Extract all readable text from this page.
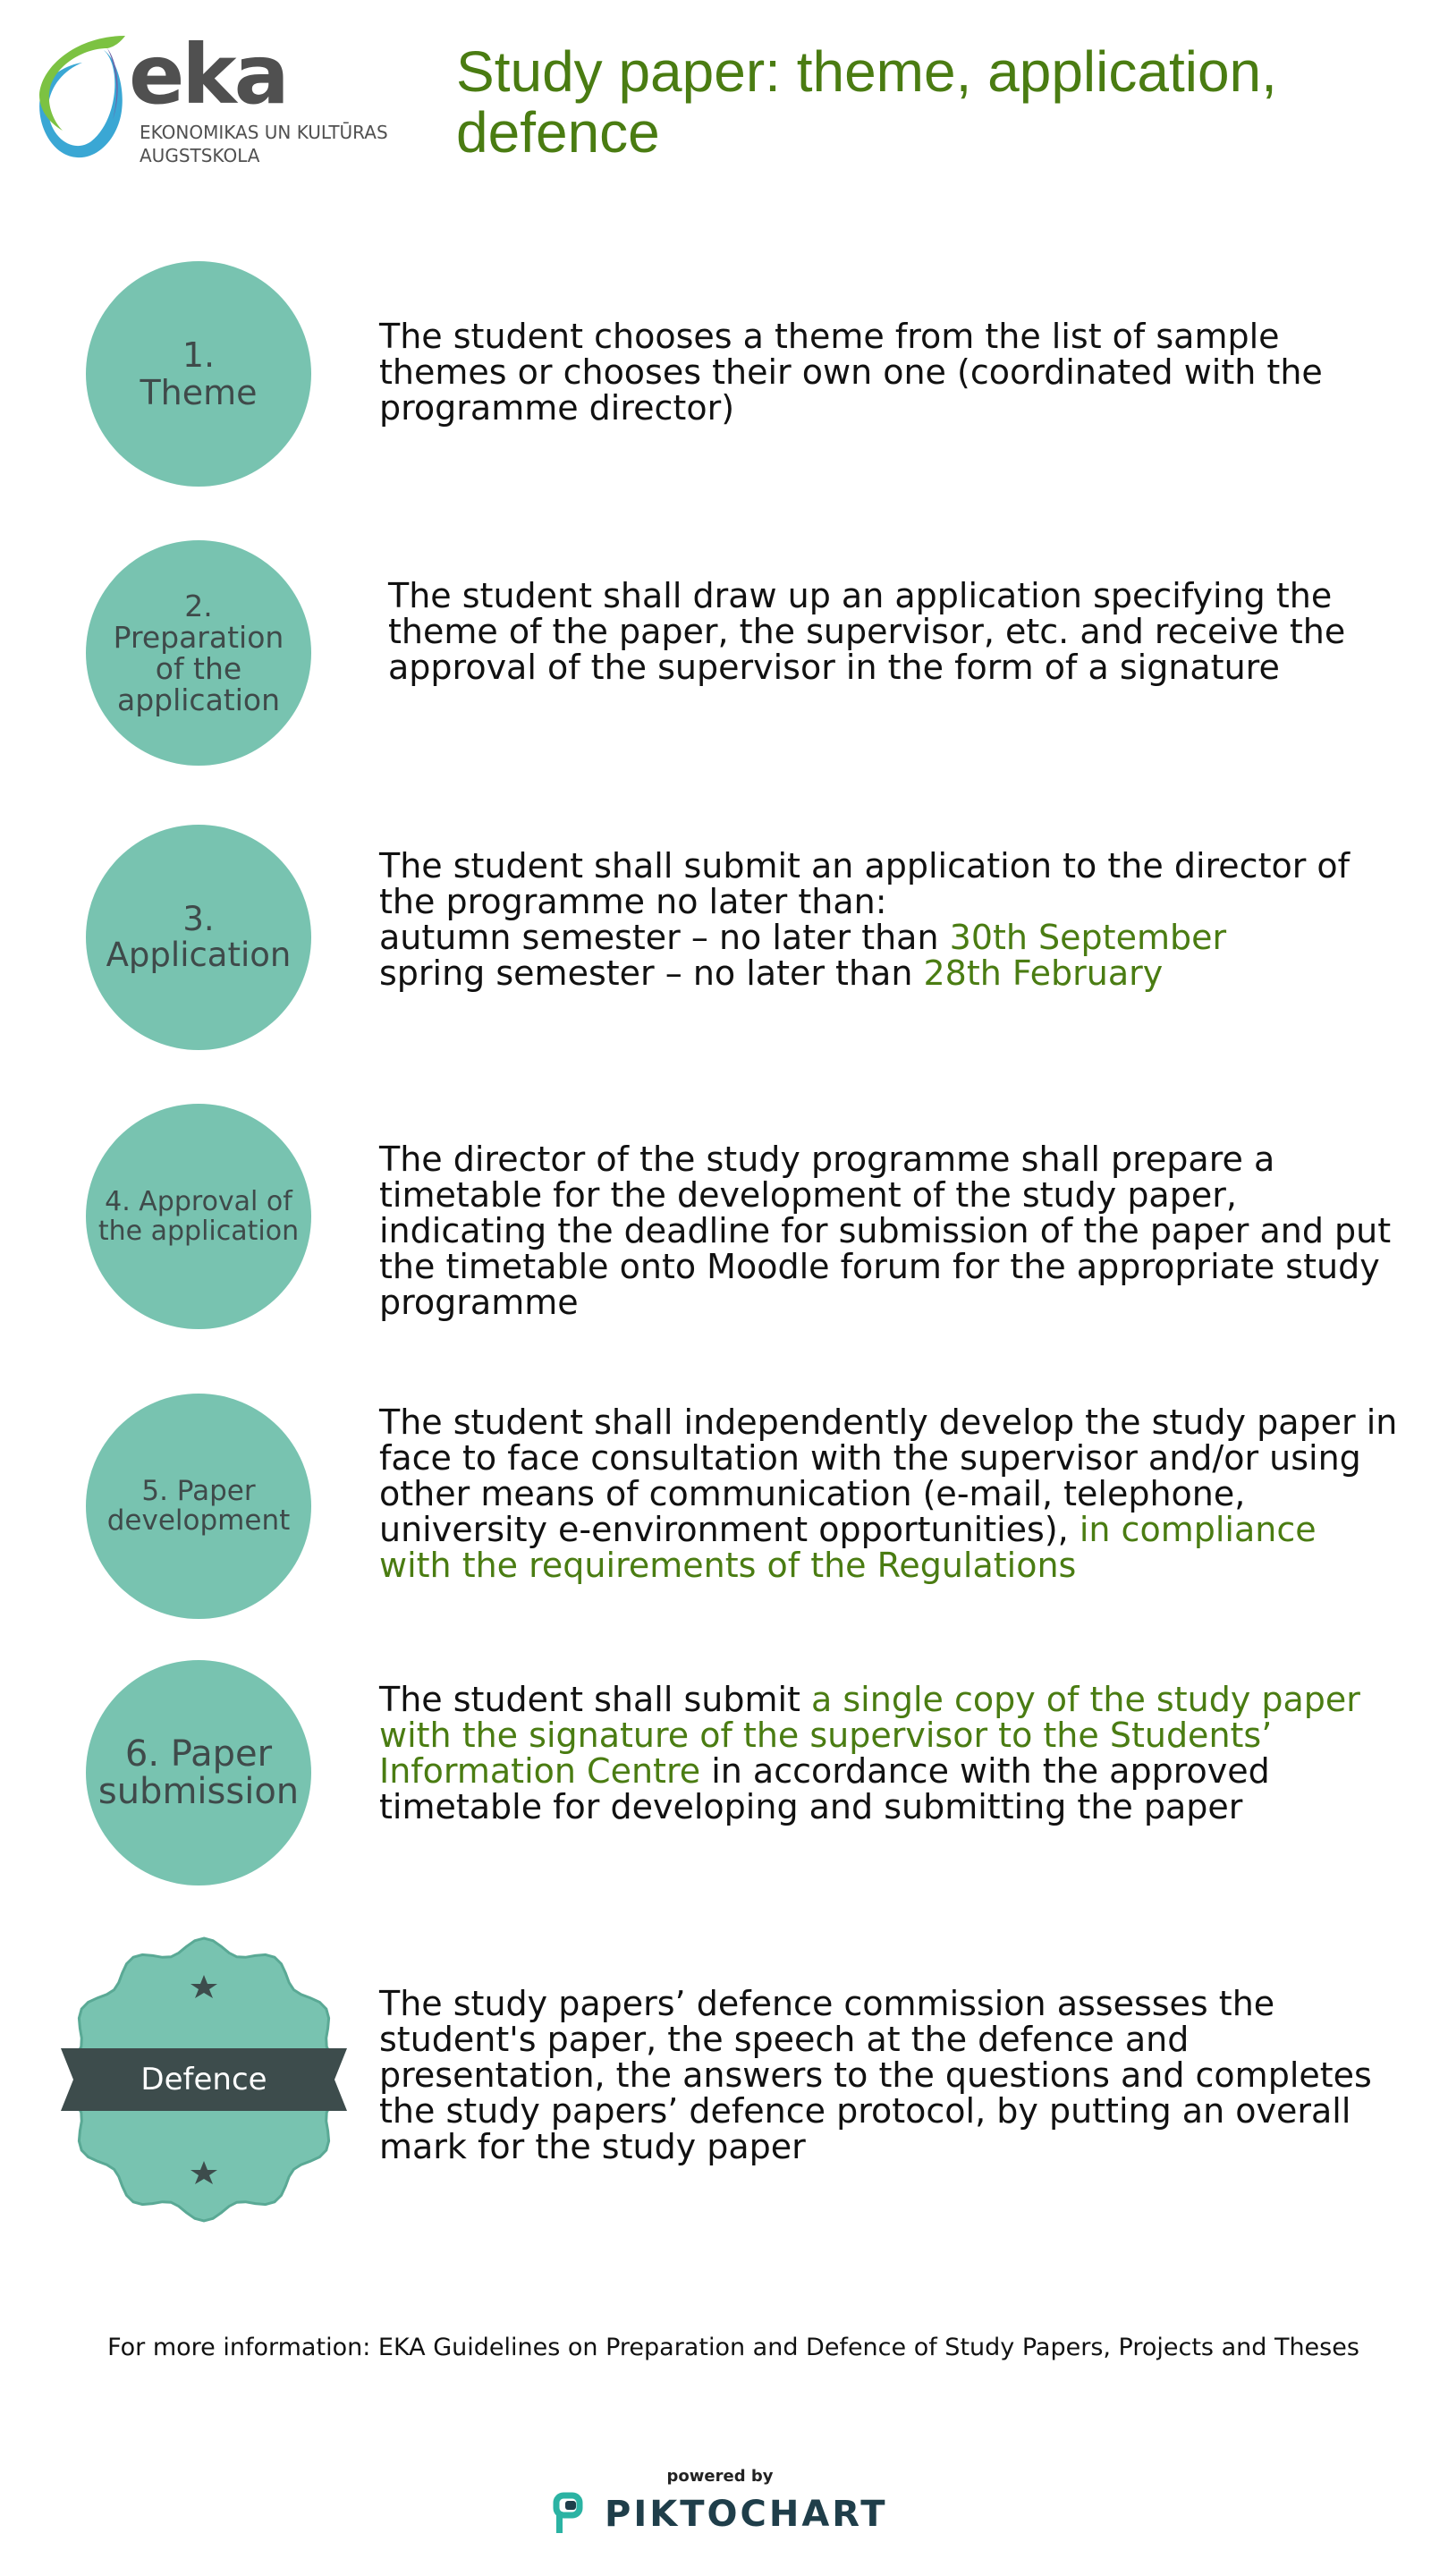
eka
EKONOMIKAS UN KULTŪRAS
AUGSTSKOLA
Study paper: theme, application, defence
1.
Theme
2.
Preparation
of the
application
3.
Application
4. Approval of
the application
5. Paper
development
6. Paper
submission

The student chooses a theme from the list of sample themes or chooses their own one (coordinated with the programme director)

The student shall draw up an application specifying the theme of the paper, the supervisor, etc. and receive the approval of the supervisor in the form of a signature

The student shall submit an application to the director of the programme no later than:
autumn semester – no later than 30th September
spring semester – no later than 28th February

The director of the study programme shall prepare a timetable for the development of the study paper, indicating the deadline for submission of the paper and put the timetable onto Moodle forum for the appropriate study programme

The student shall independently develop the study paper in face to face consultation with the supervisor and/or using other means of communication (e-mail, telephone, university e-environment opportunities), in compliance with the requirements of the Regulations

The student shall submit a single copy of the study paper with the signature of the supervisor to the Students’ Information Centre in accordance with the approved timetable for developing and submitting the paper

Defence

The study papers’ defence commission assesses the student's paper, the speech at the defence and presentation, the answers to the questions and completes the study papers’ defence protocol, by putting an overall mark for the study paper

For more information: EKA Guidelines on Preparation and Defence of Study Papers, Projects and Theses

powered by
PIKTOCHART
